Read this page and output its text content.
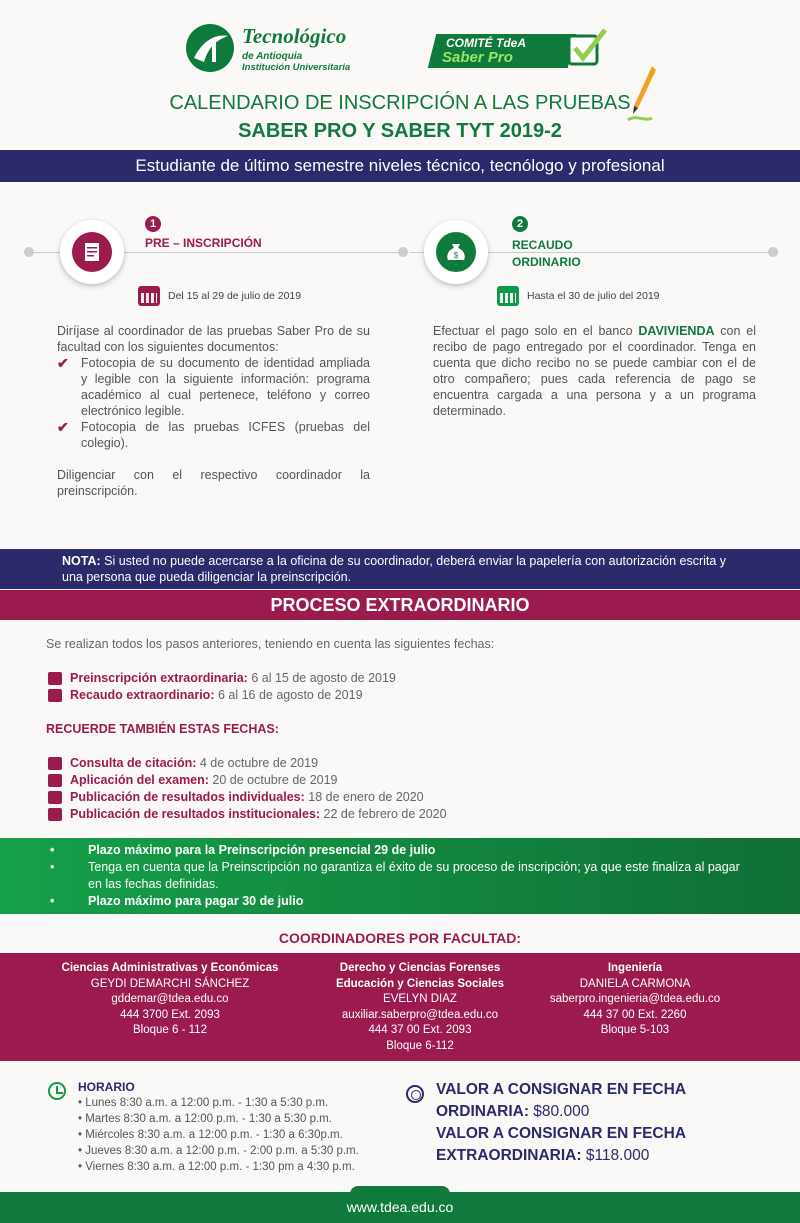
Tecnológico
de Antioquia
Institución Universitaria
COMITÉ TdeA
Saber Pro
CALENDARIO DE INSCRIPCIÓN A LAS PRUEBAS
SABER PRO Y SABER TYT 2019-2
Estudiante de último semestre niveles técnico, tecnólogo y profesional
1
PRE – INSCRIPCIÓN
$
2
RECAUDO
ORDINARIO
Del 15 al 29 de julio de 2019	Hasta el 30 de julio del 2019
Diríjase al coordinador de las pruebas Saber Pro de su facultad con los siguientes documentos:
✔ Fotocopia de su documento de identidad ampliada y legible con la siguiente información: programa académico al cual pertenece, teléfono y correo electrónico legible.
✔ Fotocopia de las pruebas ICFES (pruebas del colegio).
Diligenciar con el respectivo coordinador la preinscripción.
Efectuar el pago solo en el banco DAVIVIENDA con el recibo de pago entregado por el coordinador. Tenga en cuenta que dicho recibo no se puede cambiar con el de otro compañero; pues cada referencia de pago se encuentra cargada a una persona y a un programa determinado.
NOTA: Si usted no puede acercarse a la oficina de su coordinador, deberá enviar la papelería con autorización escrita y una persona que pueda diligenciar la preinscripción.
PROCESO EXTRAORDINARIO
Se realizan todos los pasos anteriores, teniendo en cuenta las siguientes fechas:
Preinscripción extraordinaria: 6 al 15 de agosto de 2019
Recaudo extraordinario: 6 al 16 de agosto de 2019
RECUERDE TAMBIÉN ESTAS FECHAS:
Consulta de citación: 4 de octubre de 2019
Aplicación del examen: 20 de octubre de 2019
Publicación de resultados individuales: 18 de enero de 2020
Publicación de resultados institucionales: 22 de febrero de 2020
• Plazo máximo para la Preinscripción presencial 29 de julio
• Tenga en cuenta que la Preinscripción no garantiza el éxito de su proceso de inscripción; ya que este finaliza al pagar en las fechas definidas.
• Plazo máximo para pagar 30 de julio
COORDINADORES POR FACULTAD:
Ciencias Administrativas y Económicas
GEYDI DEMARCHI SÁNCHEZ
gddemar@tdea.edu.co
444 3700 Ext. 2093
Bloque 6 - 112
Derecho y Ciencias Forenses
Educación y Ciencias Sociales
EVELYN DIAZ
auxiliar.saberpro@tdea.edu.co
444 37 00 Ext. 2093
Bloque 6-112
Ingeniería
DANIELA CARMONA
saberpro.ingenieria@tdea.edu.co
444 37 00 Ext. 2260
Bloque 5-103
HORARIO
• Lunes 8:30 a.m. a 12:00 p.m. - 1:30 a 5:30 p.m.
• Martes 8:30 a.m. a 12:00 p.m. - 1:30 a 5:30 p.m.
• Miércoles 8:30 a.m. a 12:00 p.m. - 1:30 a 6:30p.m.
• Jueves 8:30 a.m. a 12:00 p.m. - 2:00 p.m. a 5:30 p.m.
• Viernes 8:30 a.m. a 12:00 p.m. - 1:30 pm a 4:30 p.m.
VALOR A CONSIGNAR EN FECHA
ORDINARIA: $80.000
VALOR A CONSIGNAR EN FECHA
EXTRAORDINARIA: $118.000
www.tdea.edu.co
